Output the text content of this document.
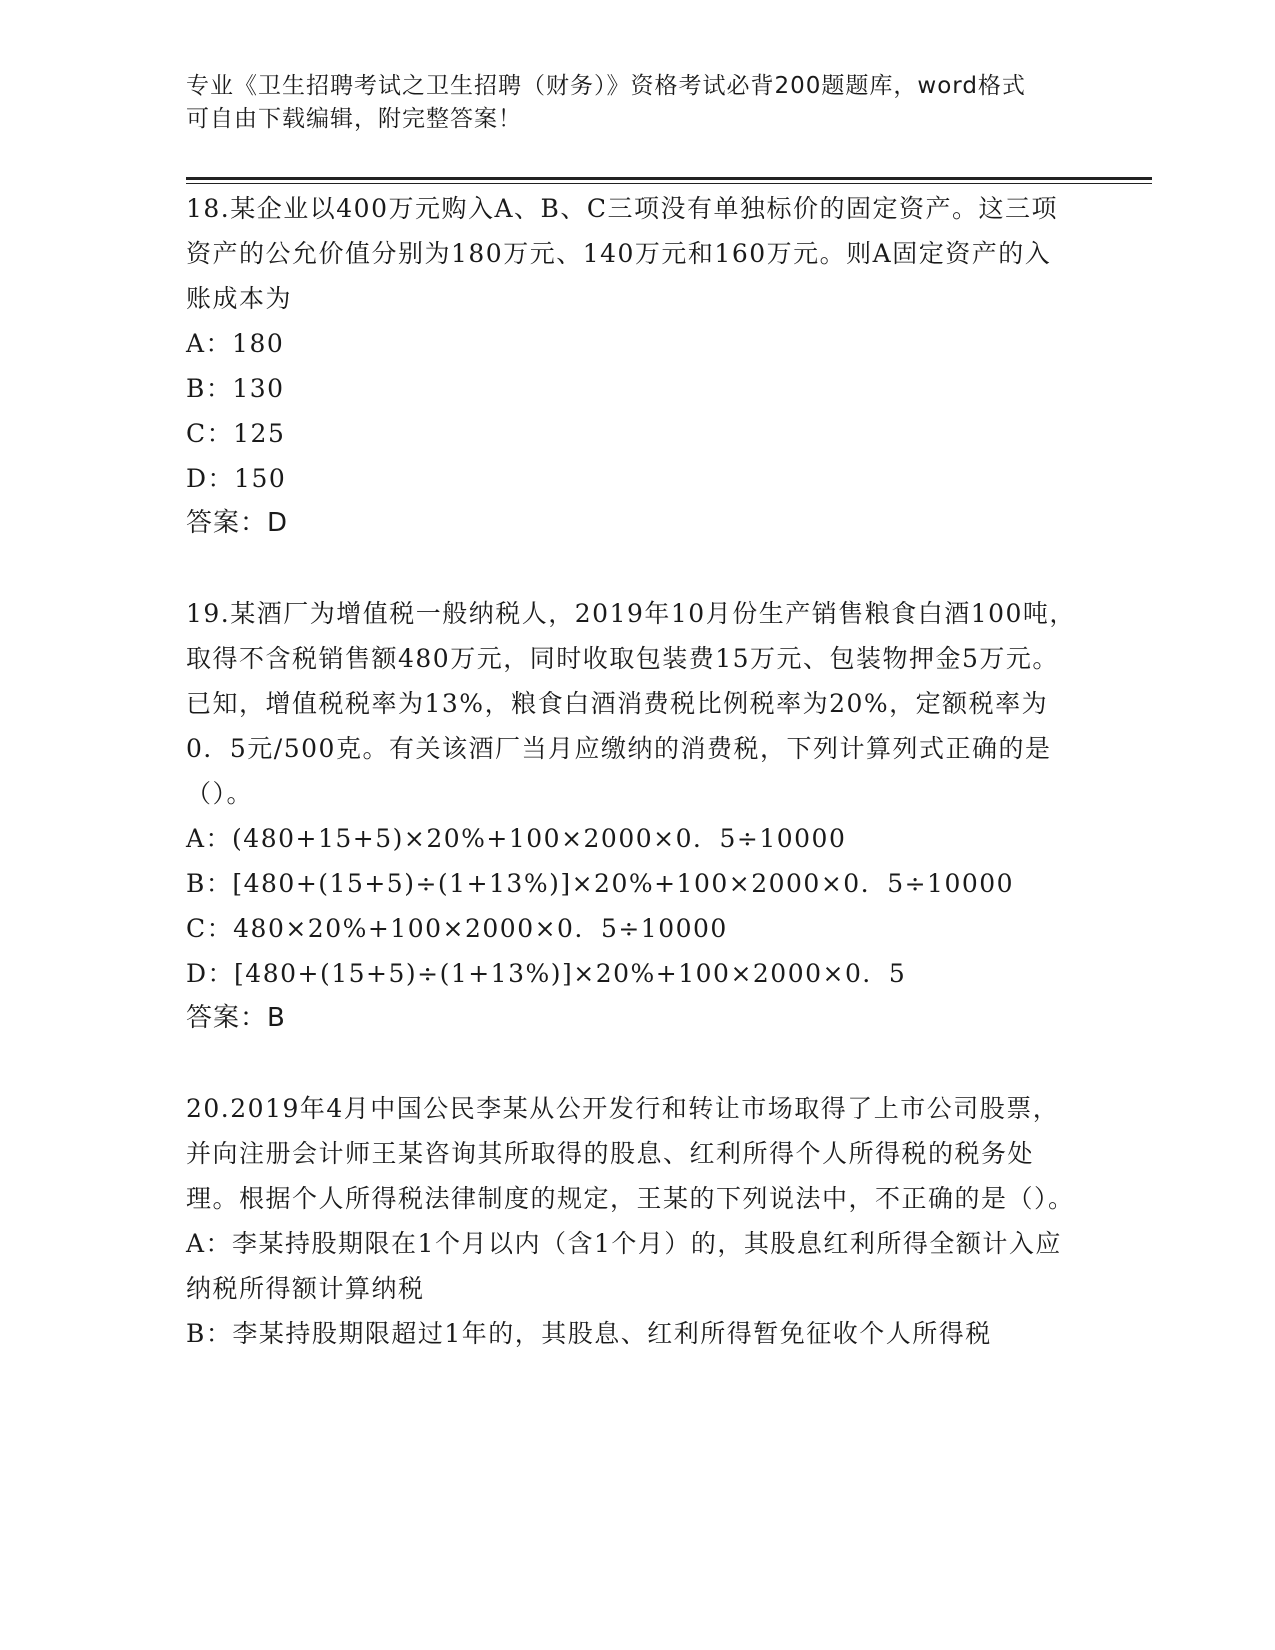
专业《卫生招聘考试之卫生招聘（财务）》资格考试必背200题题库，word格式
可自由下载编辑，附完整答案！

18.某企业以400万元购入A、B、C三项没有单独标价的固定资产。这三项资产的公允价值分别为180万元、140万元和160万元。则A固定资产的入账成本为

A：180

B：130

C：125

D：150

答案：D

19.某酒厂为增值税一般纳税人，2019年10月份生产销售粮食白酒100吨，取得不含税销售额480万元，同时收取包装费15万元、包装物押金5万元。已知，增值税税率为13%，粮食白酒消费税比例税率为20%，定额税率为0．5元/500克。有关该酒厂当月应缴纳的消费税，下列计算列式正确的是（）。

A：(480+15+5)×20%+100×2000×0．5÷10000

B：[480+(15+5)÷(1+13%)]×20%+100×2000×0．5÷10000

C：480×20%+100×2000×0．5÷10000

D：[480+(15+5)÷(1+13%)]×20%+100×2000×0．5

答案：B

20.2019年4月中国公民李某从公开发行和转让市场取得了上市公司股票，并向注册会计师王某咨询其所取得的股息、红利所得个人所得税的税务处理。根据个人所得税法律制度的规定，王某的下列说法中，不正确的是（）。

A：李某持股期限在1个月以内（含1个月）的，其股息红利所得全额计入应纳税所得额计算纳税

B：李某持股期限超过1年的，其股息、红利所得暂免征收个人所得税
